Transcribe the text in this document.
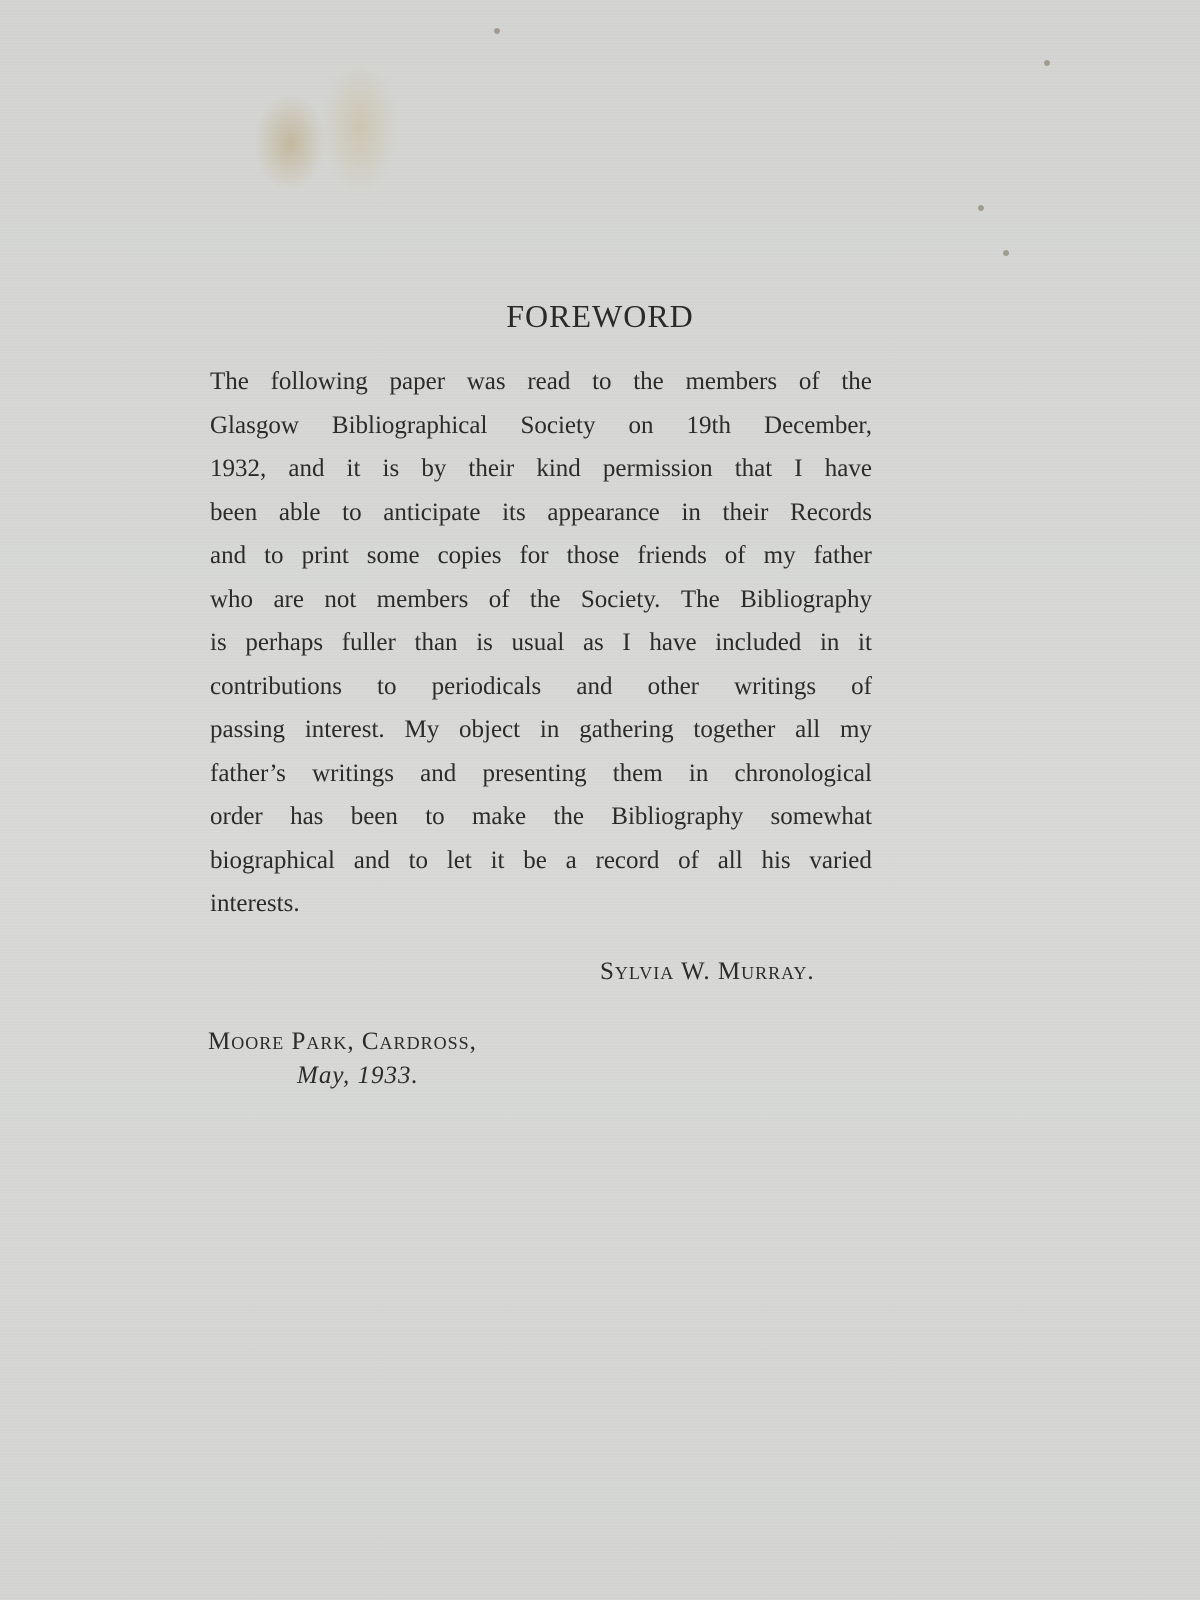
FOREWORD
The following paper was read to the members of the
Glasgow Bibliographical Society on 19th December,
1932, and it is by their kind permission that I have
been able to anticipate its appearance in their Records
and to print some copies for those friends of my father
who are not members of the Society. The Bibliography
is perhaps fuller than is usual as I have included in it
contributions to periodicals and other writings of
passing interest. My object in gathering together all my
father’s writings and presenting them in chronological
order has been to make the Bibliography somewhat
biographical and to let it be a record of all his varied
interests.
Sylvia W. Murray.
Moore Park, Cardross,
May, 1933.
